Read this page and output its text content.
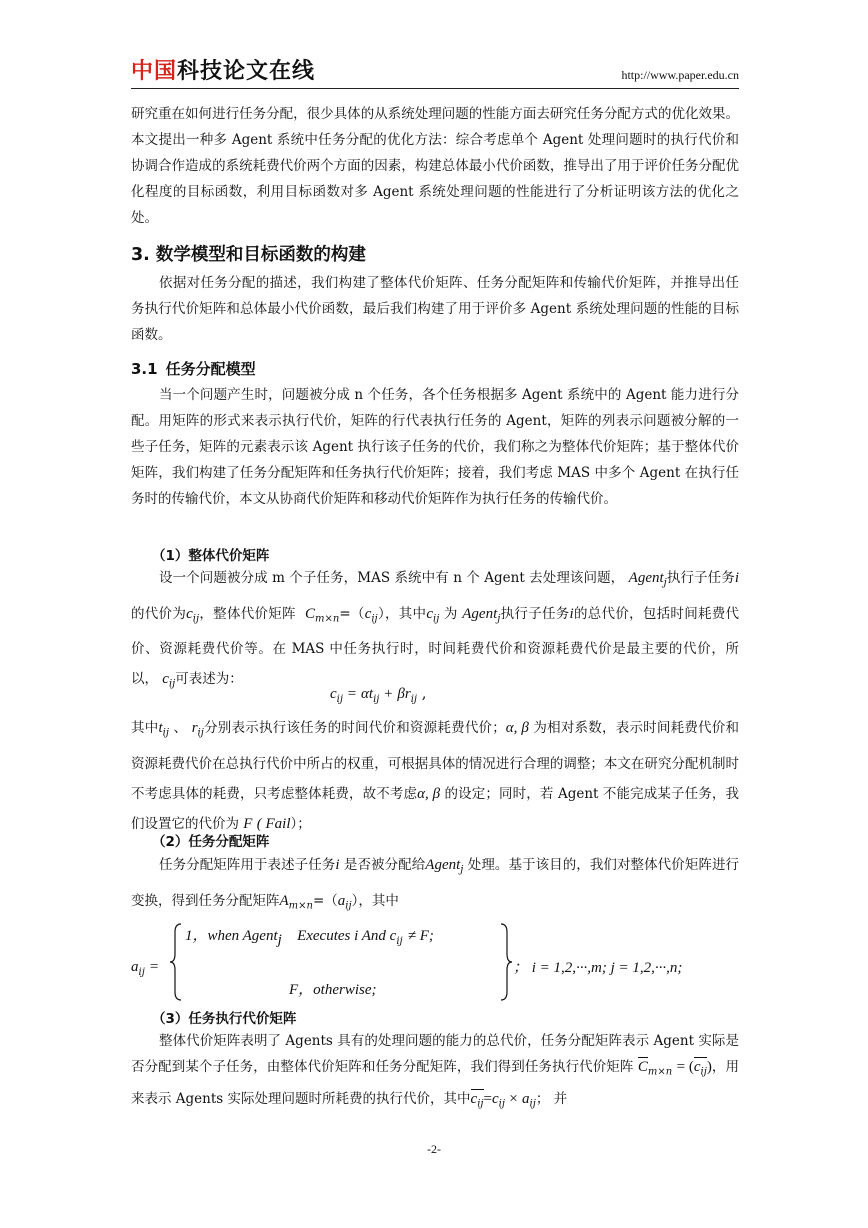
中国科技论文在线	http://www.paper.edu.cn

研究重在如何进行任务分配，很少具体的从系统处理问题的性能方面去研究任务分配方式的优化效果。本文提出一种多 Agent 系统中任务分配的优化方法：综合考虑单个 Agent 处理问题时的执行代价和协调合作造成的系统耗费代价两个方面的因素，构建总体最小代价函数，推导出了用于评价任务分配优化程度的目标函数，利用目标函数对多 Agent 系统处理问题的性能进行了分析证明该方法的优化之处。

3. 数学模型和目标函数的构建

依据对任务分配的描述，我们构建了整体代价矩阵、任务分配矩阵和传输代价矩阵，并推导出任务执行代价矩阵和总体最小代价函数，最后我们构建了用于评价多 Agent 系统处理问题的性能的目标函数。

3.1 任务分配模型

当一个问题产生时，问题被分成 n 个任务，各个任务根据多 Agent 系统中的 Agent 能力进行分配。用矩阵的形式来表示执行代价，矩阵的行代表执行任务的 Agent，矩阵的列表示问题被分解的一些子任务，矩阵的元素表示该 Agent 执行该子任务的代价，我们称之为整体代价矩阵；基于整体代价矩阵，我们构建了任务分配矩阵和任务执行代价矩阵；接着，我们考虑 MAS 中多个 Agent 在执行任务时的传输代价，本文从协商代价矩阵和移动代价矩阵作为执行任务的传输代价。

（1）整体代价矩阵

设一个问题被分成 m 个子任务，MAS 系统中有 n 个 Agent 去处理该问题， Agent$_j$执行子任务i的代价为$c_{ij}$，整体代价矩阵 $C_{m\times n}=(c_{ij})$，其中$c_{ij}$ 为 Agent$_j$执行子任务i的总代价，包括时间耗费代价、资源耗费代价等。在 MAS 中任务执行时，时间耗费代价和资源耗费代价是最主要的代价，所以， $c_{ij}$可表述为：

$c_{ij} = \alpha t_{ij} + \beta r_{ij}$ ,

其中$t_{ij}$ 、 $r_{ij}$分别表示执行该任务的时间代价和资源耗费代价；α, β 为相对系数，表示时间耗费代价和资源耗费代价在总执行代价中所占的权重，可根据具体的情况进行合理的调整；本文在研究分配机制时不考虑具体的耗费，只考虑整体耗费，故不考虑α, β 的设定；同时，若 Agent 不能完成某子任务，我们设置它的代价为 F ( Fail）；

（2）任务分配矩阵

任务分配矩阵用于表述子任务i 是否被分配给Agent$_j$ 处理。基于该目的，我们对整体代价矩阵进行变换，得到任务分配矩阵$A_{m\times n}=(a_{ij})$，其中

$a_{ij}$ =
1，when Agent$_j$ Executes i And $c_{ij} \ne F$;
F，otherwise;
； i = 1,2,···,m; j = 1,2,···,n;
（3）任务执行代价矩阵

整体代价矩阵表明了 Agents 具有的处理问题的能力的总代价，任务分配矩阵表示 Agent 实际是否分配到某个子任务，由整体代价矩阵和任务分配矩阵，我们得到任务执行代价矩阵 $C_{m\times n} = (c_{ij})$，用来表示 Agents 实际处理问题时所耗费的执行代价，其中$c_{ij}=c_{ij} \times a_{ij}$； 并

-2-
